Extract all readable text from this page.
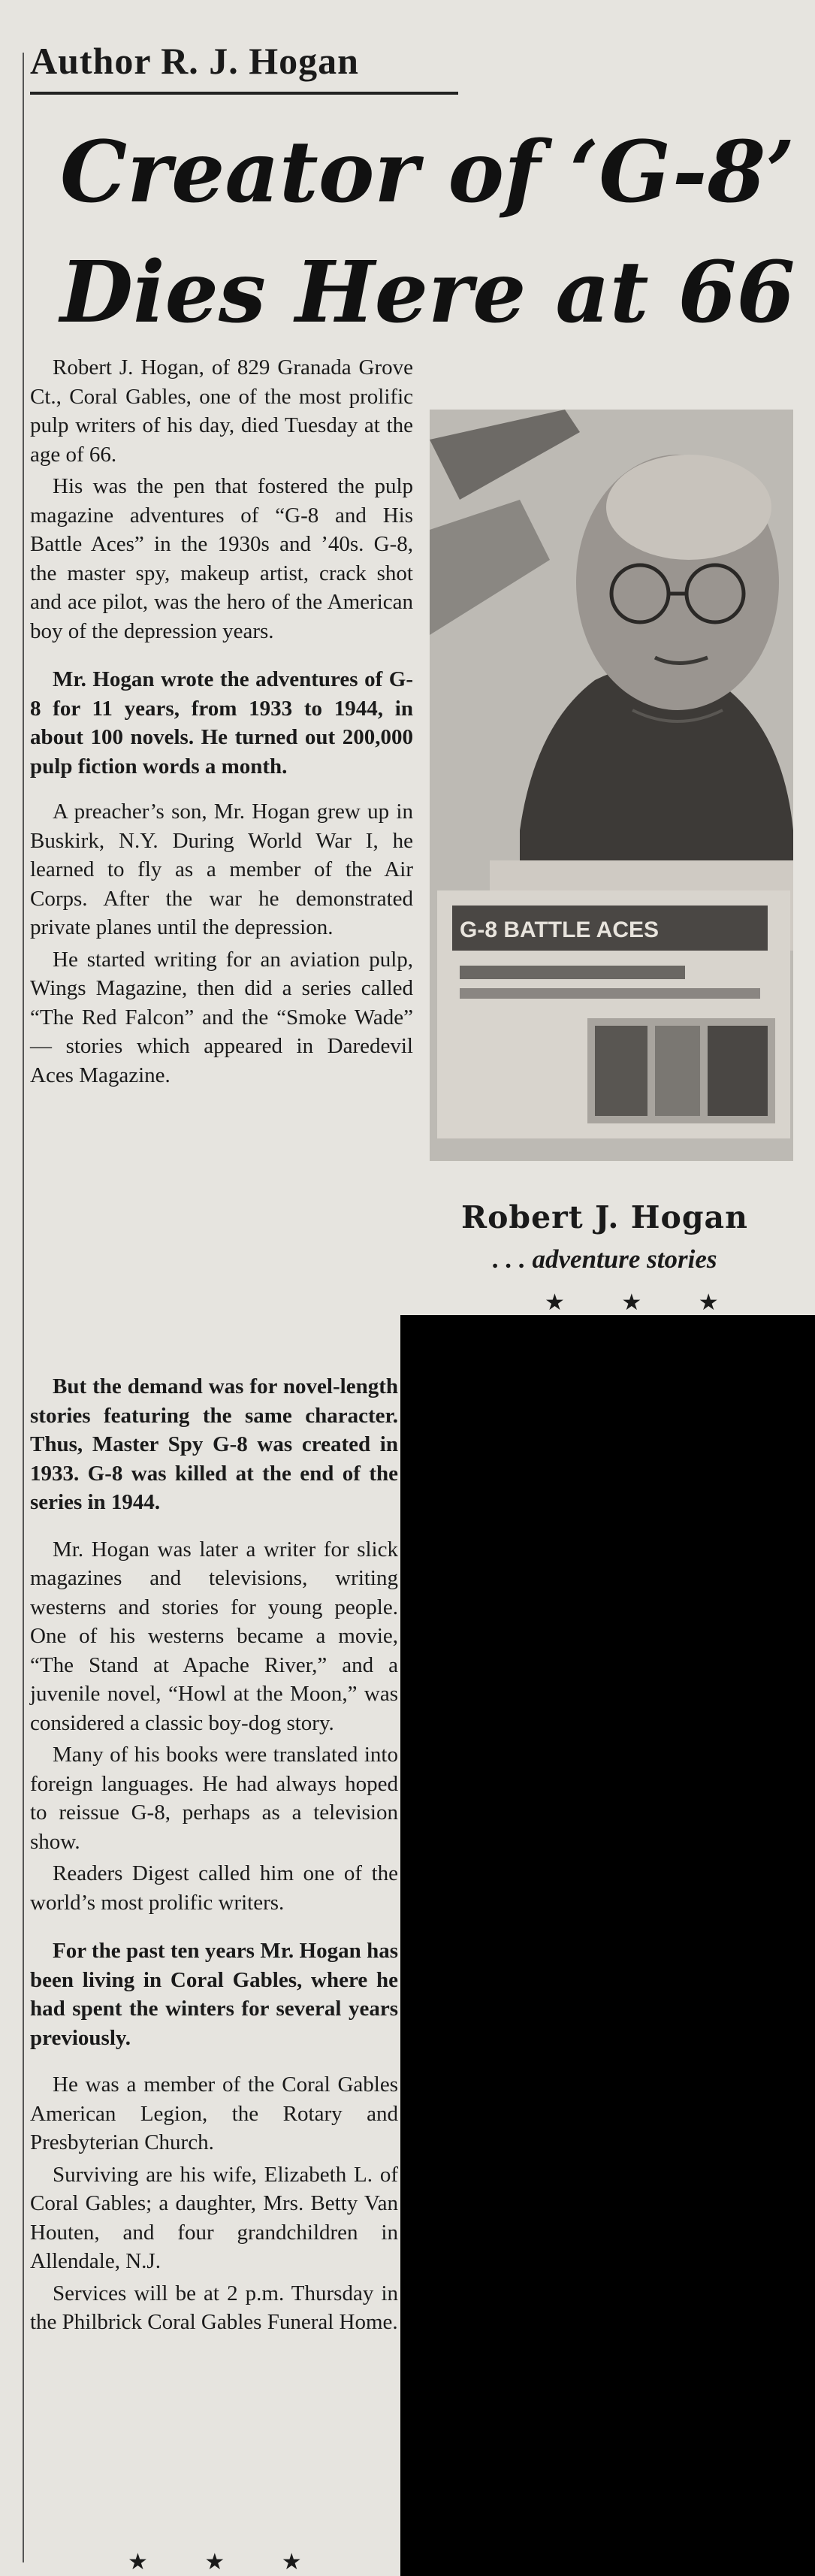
Author R. J. Hogan
Creator of ‘G-8’
Dies Here at 66

Robert J. Hogan, of 829 Granada Grove Ct., Coral Gables, one of the most prolific pulp writers of his day, died Tuesday at the age of 66.

His was the pen that fostered the pulp magazine adventures of “G-8 and His Battle Aces” in the 1930s and ’40s. G-8, the master spy, makeup artist, crack shot and ace pilot, was the hero of the American boy of the depression years.

Mr. Hogan wrote the adventures of G-8 for 11 years, from 1933 to 1944, in about 100 novels. He turned out 200,000 pulp fiction words a month.

A preacher’s son, Mr. Hogan grew up in Buskirk, N.Y. During World War I, he learned to fly as a member of the Air Corps. After the war he demonstrated private planes until the depression.

He started writing for an aviation pulp, Wings Magazine, then did a series called “The Red Falcon” and the “Smoke Wade” — stories which appeared in Daredevil Aces Magazine.

G-8 BATTLE ACES
Robert J. Hogan
. . . adventure stories
★ ★ ★

But the demand was for novel-length stories featuring the same character. Thus, Master Spy G-8 was created in 1933. G-8 was killed at the end of the series in 1944.

Mr. Hogan was later a writer for slick magazines and televisions, writing westerns and stories for young people. One of his westerns became a movie, “The Stand at Apache River,” and a juvenile novel, “Howl at the Moon,” was considered a classic boy-dog story.

Many of his books were translated into foreign languages. He had always hoped to reissue G-8, perhaps as a television show.

Readers Digest called him one of the world’s most prolific writers.

For the past ten years Mr. Hogan has been living in Coral Gables, where he had spent the winters for several years previously.

He was a member of the Coral Gables American Legion, the Rotary and Presbyterian Church.

Surviving are his wife, Elizabeth L. of Coral Gables; a daughter, Mrs. Betty Van Houten, and four grandchildren in Allendale, N.J.

Services will be at 2 p.m. Thursday in the Philbrick Coral Gables Funeral Home.

★ ★ ★
